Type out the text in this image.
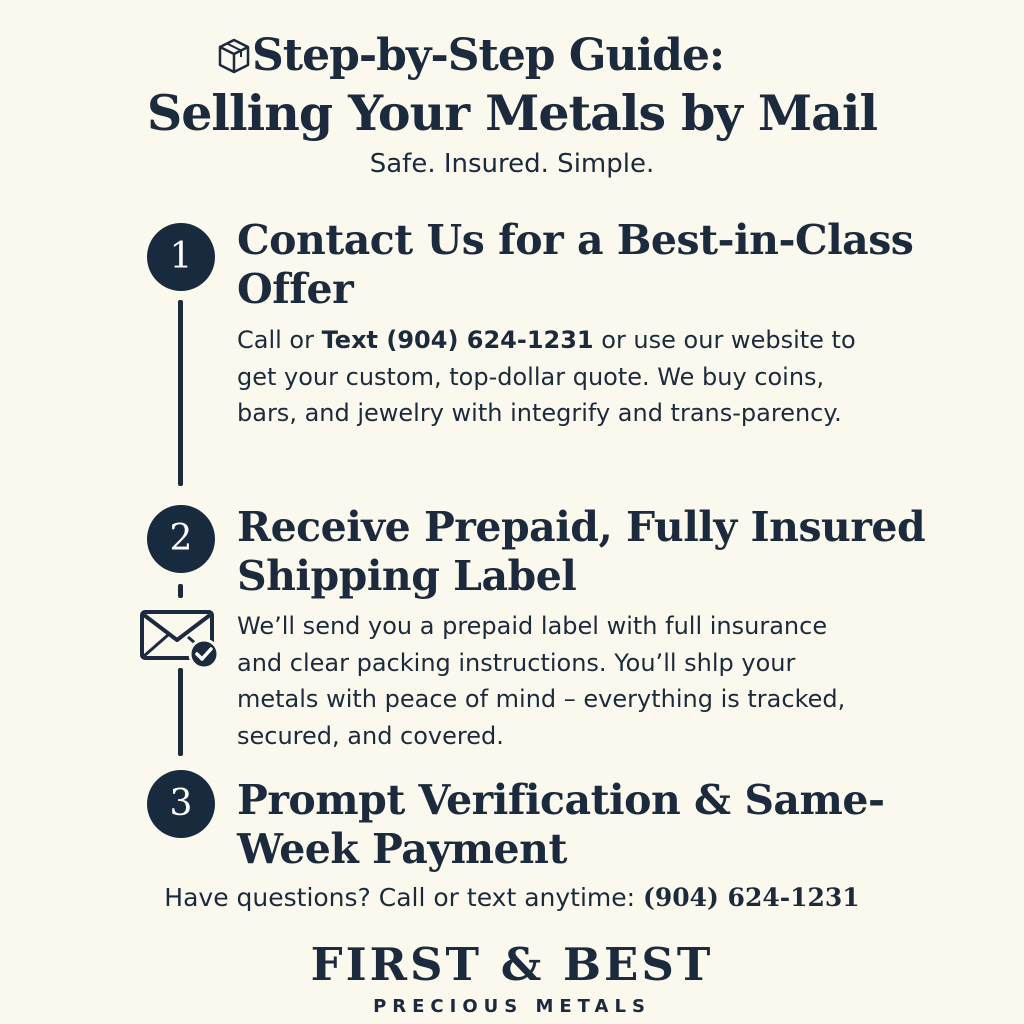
Step-by-Step Guide:
Selling Your Metals by Mail
Safe. Insured. Simple.
1	Contact Us for a Best-in-Class Offer
Call or Text (904) 624-1231 or use our website to get your custom, top-dollar quote. We buy coins, bars, and jewelry with integrify and trans-parency.
2	Receive Prepaid, Fully Insured Shipping Label
We’ll send you a prepaid label with full insurance and clear packing instructions. You’ll shlp your metals with peace of mind – everything is tracked, secured, and covered.
3	Prompt Verification & Same-Week Payment
Have questions? Call or text anytime: (904) 624-1231
FIRST & BEST
PRECIOUS METALS
